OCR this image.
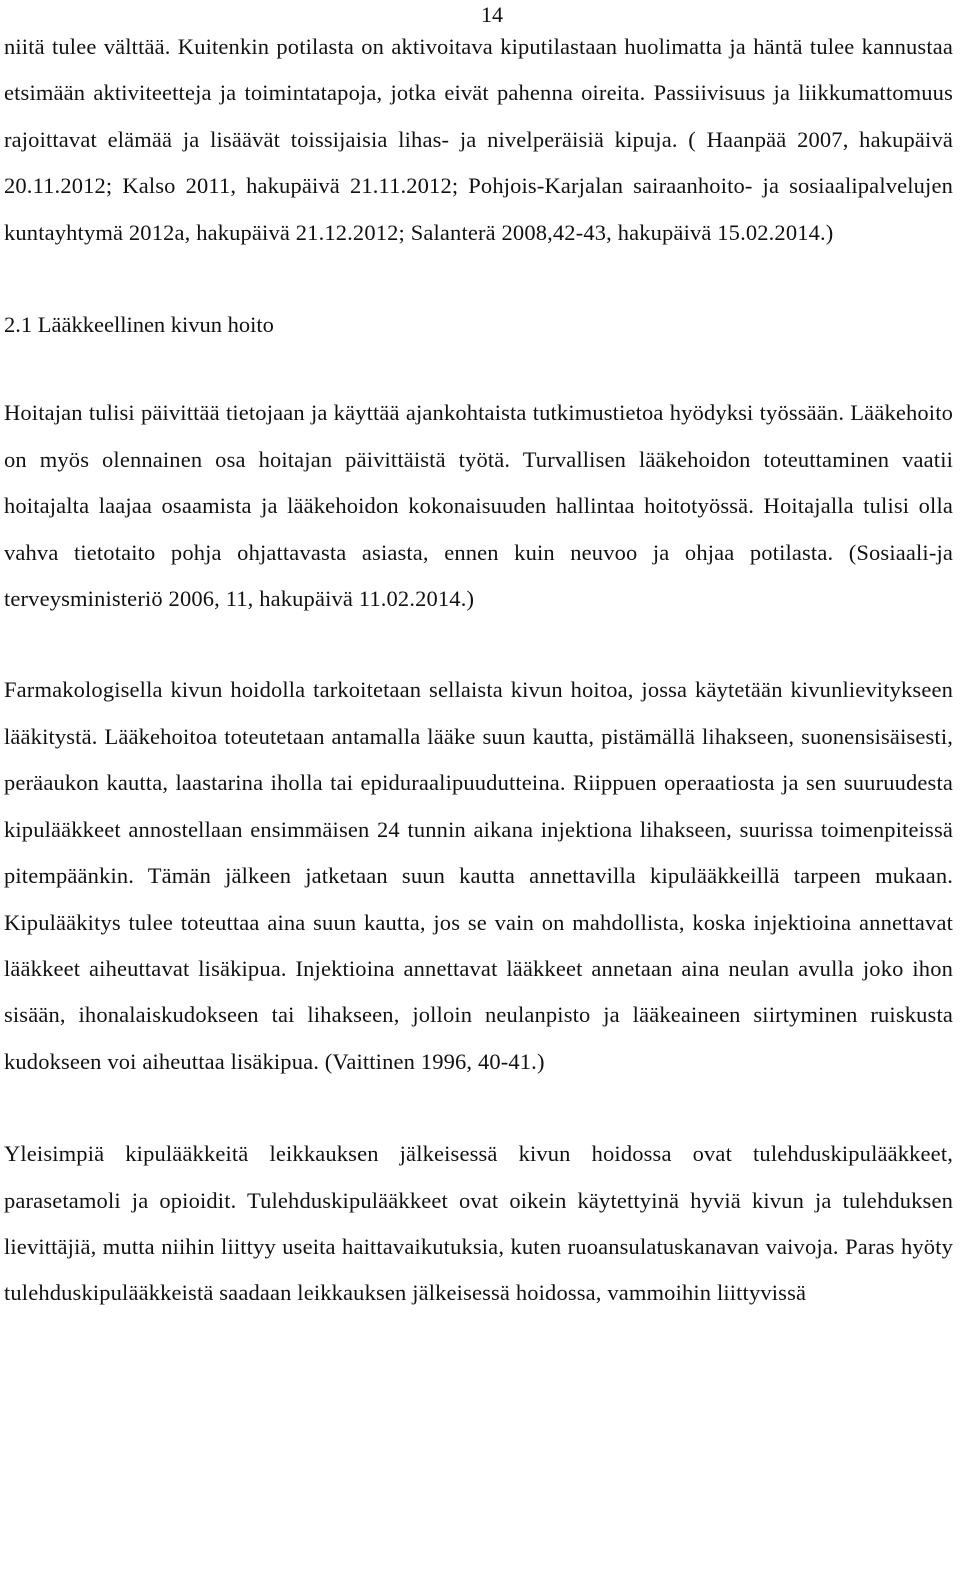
14

niitä tulee välttää. Kuitenkin potilasta on aktivoitava kiputilastaan huolimatta ja häntä tulee kannustaa etsimään aktiviteetteja ja toimintatapoja, jotka eivät pahenna oireita. Passiivisuus ja liikkumattomuus rajoittavat elämää ja lisäävät toissijaisia lihas- ja nivelperäisiä kipuja. ( Haanpää 2007, hakupäivä 20.11.2012; Kalso 2011, hakupäivä 21.11.2012; Pohjois-Karjalan sairaanhoito- ja sosiaalipalvelujen kuntayhtymä 2012a, hakupäivä 21.12.2012; Salanterä 2008,42-43, hakupäivä 15.02.2014.)

2.1 Lääkkeellinen kivun hoito

Hoitajan tulisi päivittää tietojaan ja käyttää ajankohtaista tutkimustietoa hyödyksi työssään. Lääkehoito on myös olennainen osa hoitajan päivittäistä työtä. Turvallisen lääkehoidon toteuttaminen vaatii hoitajalta laajaa osaamista ja lääkehoidon kokonaisuuden hallintaa hoitotyössä. Hoitajalla tulisi olla vahva tietotaito pohja ohjattavasta asiasta, ennen kuin neuvoo ja ohjaa potilasta. (Sosiaali-ja terveysministeriö 2006, 11, hakupäivä 11.02.2014.)

Farmakologisella kivun hoidolla tarkoitetaan sellaista kivun hoitoa, jossa käytetään kivunlievitykseen lääkitystä. Lääkehoitoa toteutetaan antamalla lääke suun kautta, pistämällä lihakseen, suonensisäisesti, peräaukon kautta, laastarina iholla tai epiduraalipuudutteina. Riippuen operaatiosta ja sen suuruudesta kipulääkkeet annostellaan ensimmäisen 24 tunnin aikana injektiona lihakseen, suurissa toimenpiteissä pitempäänkin. Tämän jälkeen jatketaan suun kautta annettavilla kipulääkkeillä tarpeen mukaan. Kipulääkitys tulee toteuttaa aina suun kautta, jos se vain on mahdollista, koska injektioina annettavat lääkkeet aiheuttavat lisäkipua. Injektioina annettavat lääkkeet annetaan aina neulan avulla joko ihon sisään, ihonalaiskudokseen tai lihakseen, jolloin neulanpisto ja lääkeaineen siirtyminen ruiskusta kudokseen voi aiheuttaa lisäkipua. (Vaittinen 1996, 40-41.)

Yleisimpiä kipulääkkeitä leikkauksen jälkeisessä kivun hoidossa ovat tulehduskipulääkkeet, parasetamoli ja opioidit. Tulehduskipulääkkeet ovat oikein käytettyinä hyviä kivun ja tulehduksen lievittäjiä, mutta niihin liittyy useita haittavaikutuksia, kuten ruoansulatuskanavan vaivoja. Paras hyöty tulehduskipulääkkeistä saadaan leikkauksen jälkeisessä hoidossa, vammoihin liittyvissä
